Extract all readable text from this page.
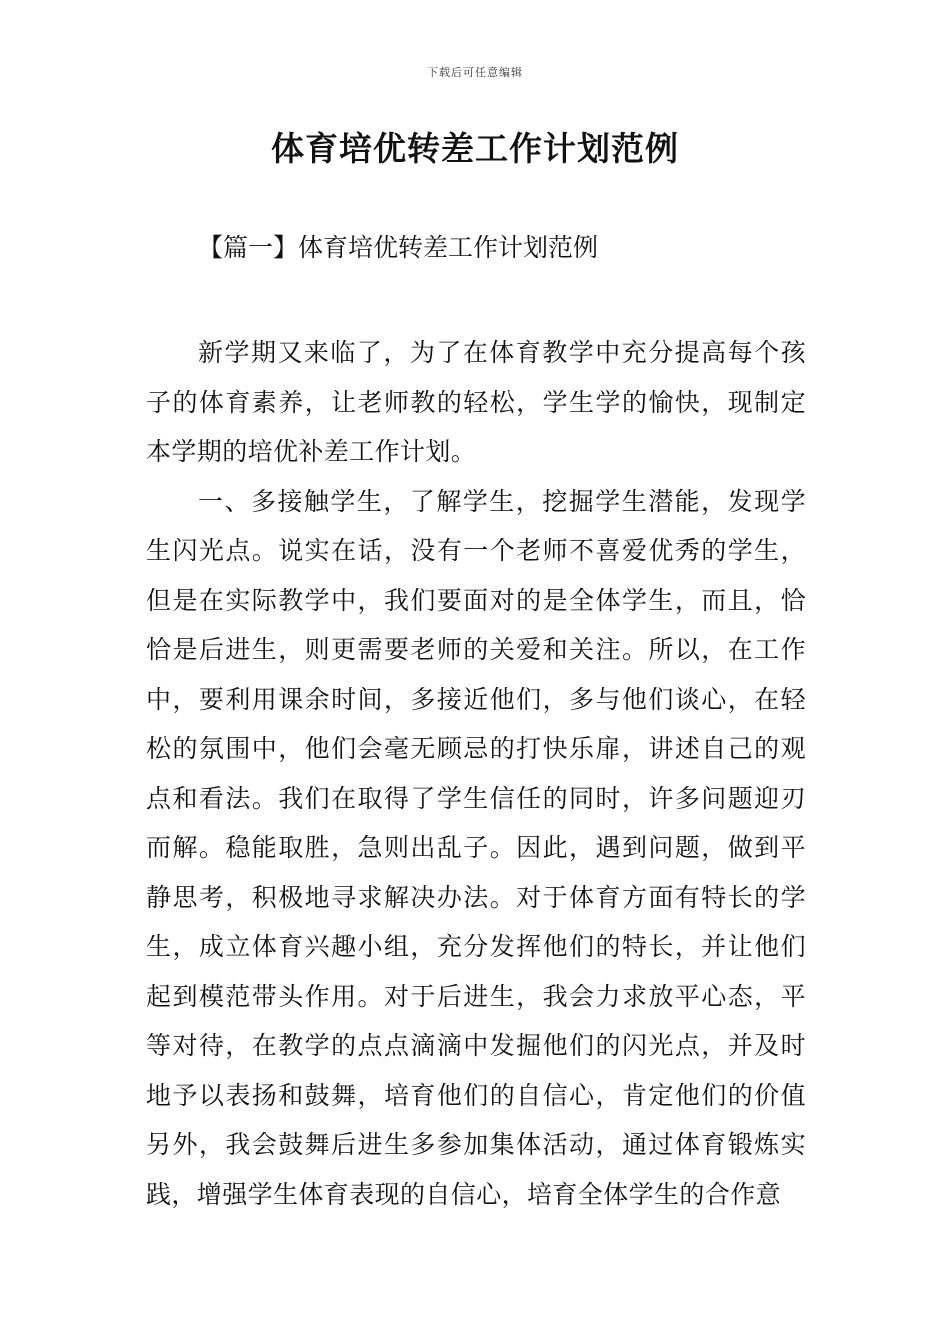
下载后可任意编辑
体育培优转差工作计划范例
【篇一】体育培优转差工作计划范例

新学期又来临了，为了在体育教学中充分提高每个孩子的体育素养，让老师教的轻松，学生学的愉快，现制定本学期的培优补差工作计划。

一、多接触学生，了解学生，挖掘学生潜能，发现学生闪光点。说实在话，没有一个老师不喜爱优秀的学生，但是在实际教学中，我们要面对的是全体学生，而且，恰恰是后进生，则更需要老师的关爱和关注。所以，在工作中，要利用课余时间，多接近他们，多与他们谈心，在轻松的氛围中，他们会毫无顾忌的打快乐扉，讲述自己的观点和看法。我们在取得了学生信任的同时，许多问题迎刃而解。稳能取胜，急则出乱子。因此，遇到问题，做到平静思考，积极地寻求解决办法。对于体育方面有特长的学生，成立体育兴趣小组，充分发挥他们的特长，并让他们起到模范带头作用。对于后进生，我会力求放平心态，平等对待，在教学的点点滴滴中发掘他们的闪光点，并及时地予以表扬和鼓舞，培育他们的自信心，肯定他们的价值另外，我会鼓舞后进生多参加集体活动，通过体育锻炼实践，增强学生体育表现的自信心，培育全体学生的合作意
